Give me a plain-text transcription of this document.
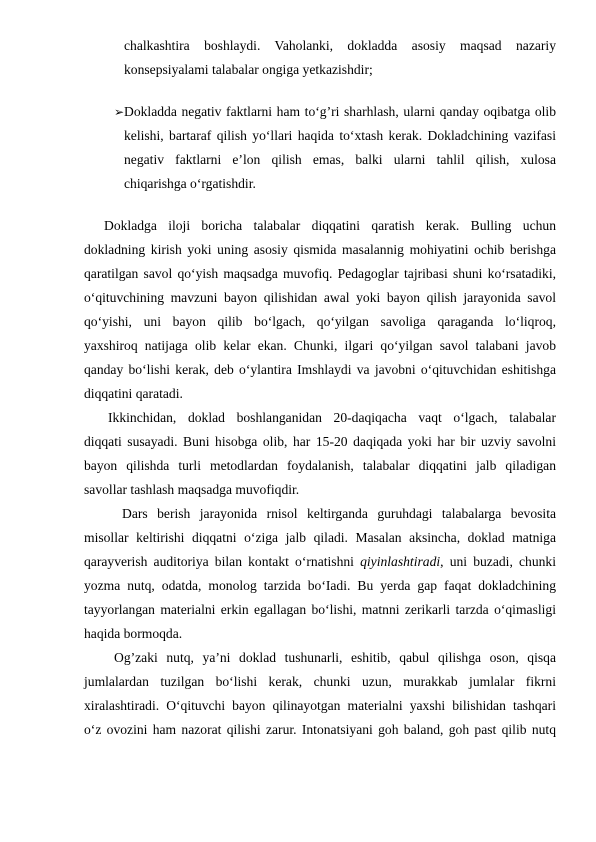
chalkashtira boshlaydi. Vaholanki, dokladda asosiy maqsad nazariy
konsepsiyalami talabalar ongiga yetkazishdir;
➢ Dokladda negativ faktlarni ham to‘g’ri sharhlash, ularni qanday oqibatga olib
kelishi, bartaraf qilish yo‘llari haqida to‘xtash kerak. Dokladchining vazifasi
negativ faktlarni e’lon qilish emas, balki ularni tahlil qilish, xulosa
chiqarishga o‘rgatishdir.
Dokladga iloji boricha talabalar diqqatini qaratish kerak. Bulling uchun
dokladning kirish yoki uning asosiy qismida masalannig mohiyatini ochib berishga
qaratilgan savol qo‘yish maqsadga muvofiq. Pedagoglar tajribasi shuni ko‘rsatadiki,
o‘qituvchining mavzuni bayon qilishidan awal yoki bayon qilish jarayonida savol
qo‘yishi, uni bayon qilib bo‘lgach, qo‘yilgan savoliga qaraganda lo‘liqroq,
yaxshiroq natijaga olib kelar ekan. Chunki, ilgari qo‘yilgan savol talabani javob
qanday bo‘lishi kerak, deb o‘ylantira Imshlaydi va javobni o‘qituvchidan eshitishga
diqqatini qaratadi.
Ikkinchidan, doklad boshlanganidan 20-daqiqacha vaqt o‘lgach, talabalar
diqqati susayadi. Buni hisobga olib, har 15-20 daqiqada yoki har bir uzviy savolni
bayon qilishda turli metodlardan foydalanish, talabalar diqqatini jalb qiladigan
savollar tashlash maqsadga muvofiqdir.
Dars berish jarayonida rnisol keltirganda guruhdagi talabalarga bevosita
misollar keltirishi diqqatni o‘ziga jalb qiladi. Masalan aksincha, doklad matniga
qarayverish auditoriya bilan kontakt o‘rnatishni qiyinlashtiradi, uni buzadi, chunki
yozma nutq, odatda, monolog tarzida bo‘Iadi. Bu yerda gap faqat dokladchining
tayyorlangan materialni erkin egallagan bo‘lishi, matnni zerikarli tarzda o‘qimasligi
haqida bormoqda.
Og’zaki nutq, ya’ni doklad tushunarli, eshitib, qabul qilishga oson, qisqa
jumlalardan tuzilgan bo‘lishi kerak, chunki uzun, murakkab jumlalar fikrni
xiralashtiradi. O‘qituvchi bayon qilinayotgan materialni yaxshi bilishidan tashqari
o‘z ovozini ham nazorat qilishi zarur. Intonatsiyani goh baland, goh past qilib nutq
